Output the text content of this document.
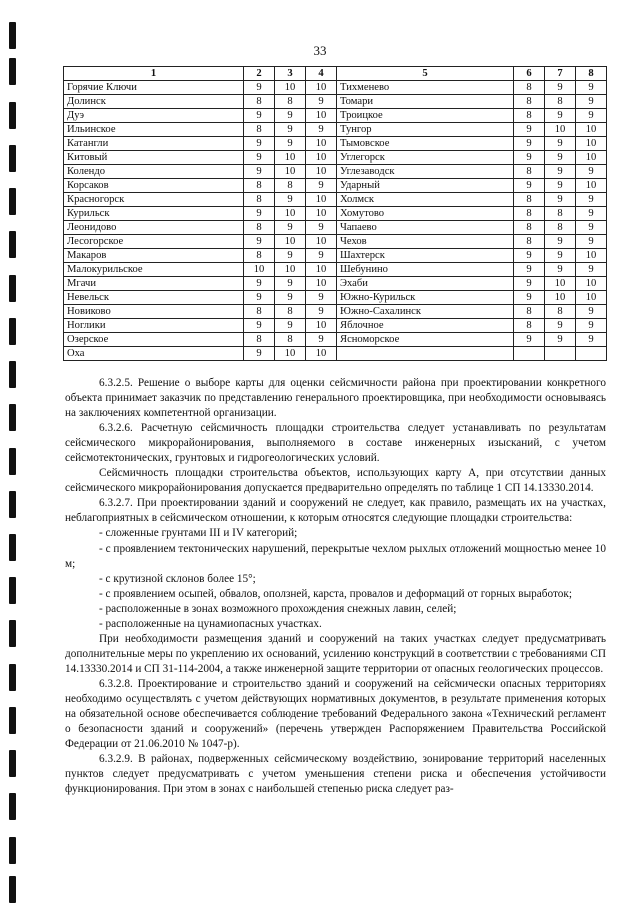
33
1	2	3	4	5	6	7	8
Горячие Ключи	9	10	10	Тихменево	8	9	9
Долинск	8	8	9	Томари	8	8	9
Дуэ	9	9	10	Троицкое	8	9	9
Ильинское	8	9	9	Тунгор	9	10	10
Катангли	9	9	10	Тымовское	9	9	10
Китовый	9	10	10	Углегорск	9	9	10
Колендо	9	10	10	Углезаводск	8	9	9
Корсаков	8	8	9	Ударный	9	9	10
Красногорск	8	9	10	Холмск	8	9	9
Курильск	9	10	10	Хомутово	8	8	9
Леонидово	8	9	9	Чапаево	8	8	9
Лесогорское	9	10	10	Чехов	8	9	9
Макаров	8	9	9	Шахтерск	9	9	10
Малокурильское	10	10	10	Шебунино	9	9	9
Мгачи	9	9	10	Эхаби	9	10	10
Невельск	9	9	9	Южно-Курильск	9	10	10
Новиково	8	8	9	Южно-Сахалинск	8	8	9
Ноглики	9	9	10	Яблочное	8	9	9
Озерское	8	8	9	Ясноморское	9	9	9
Оха	9	10	10				

6.3.2.5. Решение о выборе карты для оценки сейсмичности района при проектировании конкретного объекта принимает заказчик по представлению генерального проектировщика, при необходимости основываясь на заключениях компетентной организации.

6.3.2.6. Расчетную сейсмичность площадки строительства следует устанавливать по результатам сейсмического микрорайонирования, выполняемого в составе инженерных изысканий, с учетом сейсмотектонических, грунтовых и гидрогеологических условий.

Сейсмичность площадки строительства объектов, использующих карту А, при отсутствии данных сейсмического микрорайонирования допускается предварительно определять по таблице 1 СП 14.13330.2014.

6.3.2.7. При проектировании зданий и сооружений не следует, как правило, размещать их на участках, неблагоприятных в сейсмическом отношении, к которым относятся следующие площадки строительства:

- сложенные грунтами III и IV категорий;

- с проявлением тектонических нарушений, перекрытые чехлом рыхлых отложений мощностью менее 10 м;

- с крутизной склонов более 15°;

- с проявлением осыпей, обвалов, оползней, карста, провалов и деформаций от горных выработок;

- расположенные в зонах возможного прохождения снежных лавин, селей;

- расположенные на цунамиопасных участках.

При необходимости размещения зданий и сооружений на таких участках следует предусматривать дополнительные меры по укреплению их оснований, усилению конструкций в соответствии с требованиями СП 14.13330.2014 и СП 31-114-2004, а также инженерной защите территории от опасных геологических процессов.

6.3.2.8. Проектирование и строительство зданий и сооружений на сейсмически опасных территориях необходимо осуществлять с учетом действующих нормативных документов, в результате применения которых на обязательной основе обеспечивается соблюдение требований Федерального закона «Технический регламент о безопасности зданий и сооружений» (перечень утвержден Распоряжением Правительства Российской Федерации от 21.06.2010 № 1047-р).

6.3.2.9. В районах, подверженных сейсмическому воздействию, зонирование территорий населенных пунктов следует предусматривать с учетом уменьшения степени риска и обеспечения устойчивости функционирования. При этом в зонах с наибольшей степенью риска следует раз-
